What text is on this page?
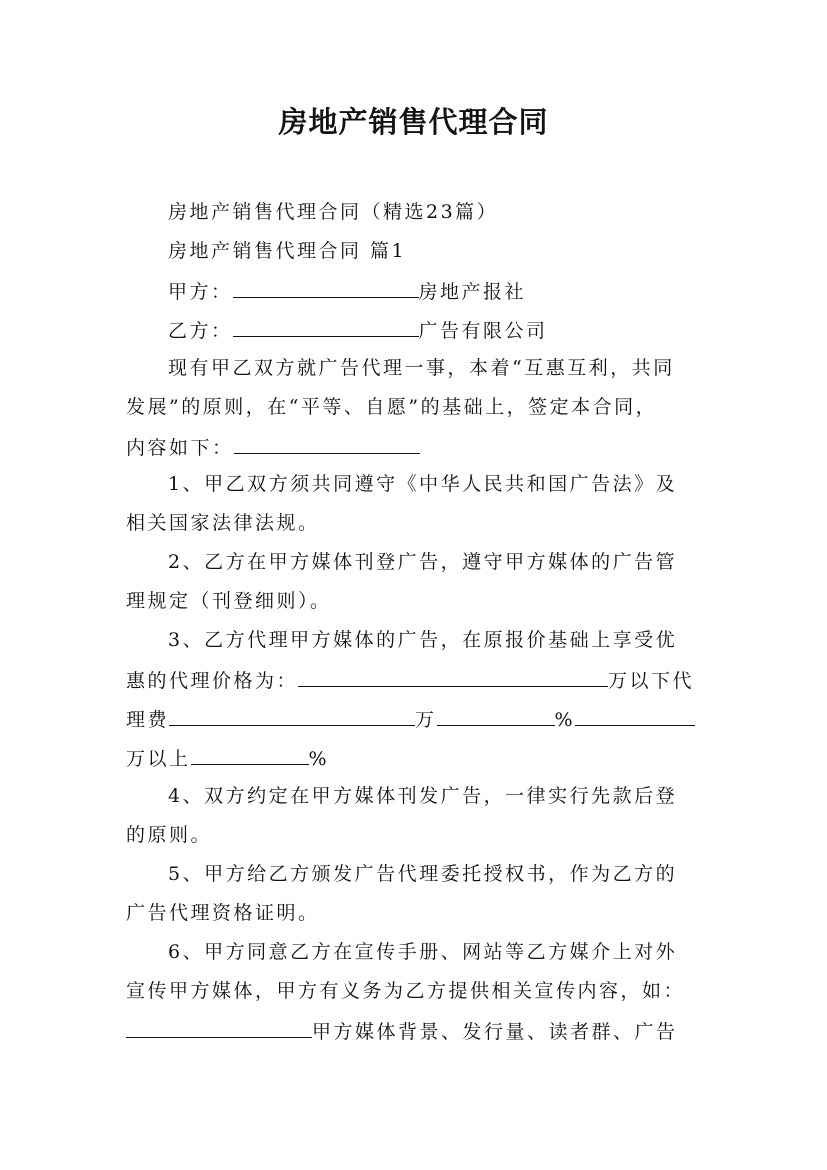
房地产销售代理合同
房地产销售代理合同（精选23篇）
房地产销售代理合同 篇1
甲方：	房地产报社
乙方：	广告有限公司
现有甲乙双方就广告代理一事，本着“互惠互利，共同
发展”的原则，在“平等、自愿”的基础上，签定本合同，
内容如下：
1、甲乙双方须共同遵守《中华人民共和国广告法》及
相关国家法律法规。
2、乙方在甲方媒体刊登广告，遵守甲方媒体的广告管
理规定（刊登细则）。
3、乙方代理甲方媒体的广告，在原报价基础上享受优
惠的代理价格为：	万以下代
理费	万	%
万以上	%
4、双方约定在甲方媒体刊发广告，一律实行先款后登
的原则。
5、甲方给乙方颁发广告代理委托授权书，作为乙方的
广告代理资格证明。
6、甲方同意乙方在宣传手册、网站等乙方媒介上对外
宣传甲方媒体，甲方有义务为乙方提供相关宣传内容，如：
甲方媒体背景、发行量、读者群、广告
